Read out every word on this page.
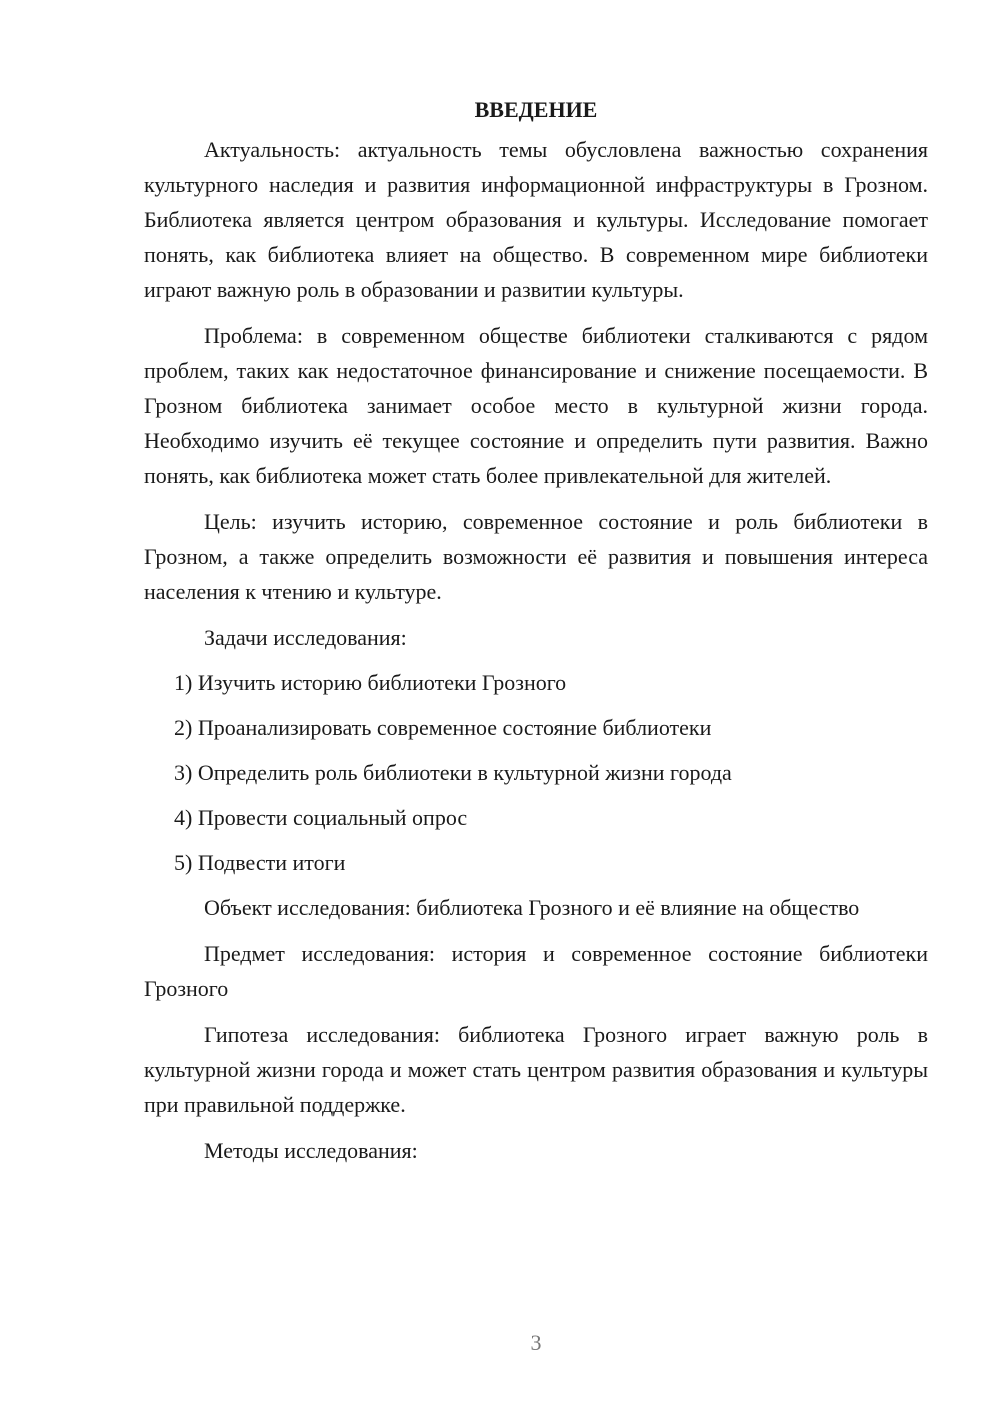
ВВЕДЕНИЕ

Актуальность: актуальность темы обусловлена важностью сохранения культурного наследия и развития информационной инфраструктуры в Грозном. Библиотека является центром образования и культуры. Исследование помогает понять, как библиотека влияет на общество. В современном мире библиотеки играют важную роль в образовании и развитии культуры.

Проблема: в современном обществе библиотеки сталкиваются с рядом проблем, таких как недостаточное финансирование и снижение посещаемости. В Грозном библиотека занимает особое место в культурной жизни города. Необходимо изучить её текущее состояние и определить пути развития. Важно понять, как библиотека может стать более привлекательной для жителей.

Цель: изучить историю, современное состояние и роль библиотеки в Грозном, а также определить возможности её развития и повышения интереса населения к чтению и культуре.

Задачи исследования:

1) Изучить историю библиотеки Грозного
2) Проанализировать современное состояние библиотеки
3) Определить роль библиотеки в культурной жизни города
4) Провести социальный опрос
5) Подвести итоги

Объект исследования: библиотека Грозного и её влияние на общество

Предмет исследования: история и современное состояние библиотеки Грозного

Гипотеза исследования: библиотека Грозного играет важную роль в культурной жизни города и может стать центром развития образования и культуры при правильной поддержке.

Методы исследования:

3
